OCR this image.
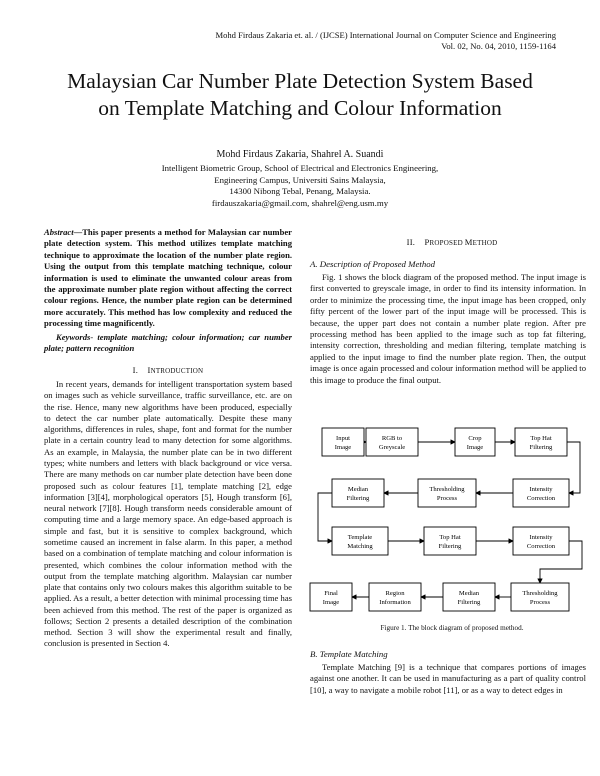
Mohd Firdaus Zakaria et. al. / (IJCSE) International Journal on Computer Science and Engineering
Vol. 02, No. 04, 2010, 1159-1164
Malaysian Car Number Plate Detection System Based
on Template Matching and Colour Information
Mohd Firdaus Zakaria, Shahrel A. Suandi
Intelligent Biometric Group, School of Electrical and Electronics Engineering,
Engineering Campus, Universiti Sains Malaysia,
14300 Nibong Tebal, Penang, Malaysia.
firdauszakaria@gmail.com, shahrel@eng.usm.my
Abstract—This paper presents a method for Malaysian car number plate detection system. This method utilizes template matching technique to approximate the location of the number plate region. Using the output from this template matching technique, colour information is used to eliminate the unwanted colour areas from the approximate number plate region without affecting the correct colour regions. Hence, the number plate region can be determined more accurately. This method has low complexity and reduced the processing time magnificently.
Keywords- template matching; colour information; car number plate; pattern recognition
I. INTRODUCTION
In recent years, demands for intelligent transportation system based on images such as vehicle surveillance, traffic surveillance, etc. are on the rise. Hence, many new algorithms have been produced, especially to detect the car number plate automatically. Despite these many algorithms, differences in rules, shape, font and format for the number plate in a certain country lead to many detection for some algorithms. As an example, in Malaysia, the number plate can be in two different types; white numbers and letters with black background or vice versa. There are many methods on car number plate detection have been done proposed such as colour features [1], template matching [2], edge information [3][4], morphological operators [5], Hough transform [6], neural network [7][8]. Hough transform needs considerable amount of computing time and a large memory space. An edge-based approach is simple and fast, but it is sensitive to complex background, which sometime caused an increment in false alarm. In this paper, a method based on a combination of template matching and colour information is presented, which combines the colour information method with the output from the template matching algorithm. Malaysian car number plate that contains only two colours makes this algorithm suitable to be applied. As a result, a better detection with minimal processing time has been achieved from this method. The rest of the paper is organized as follows; Section 2 presents a detailed description of the combination method. Section 3 will show the experimental result and finally, conclusion is presented in Section 4.
II. PROPOSED METHOD
A. Description of Proposed Method
Fig. 1 shows the block diagram of the proposed method. The input image is first converted to greyscale image, in order to find its intensity information. In order to minimize the processing time, the input image has been cropped, only fifty percent of the lower part of the input image will be processed. This is because, the upper part does not contain a number plate region. After pre processing method has been applied to the image such as top fat filtering, intensity correction, thresholding and median filtering, template matching is applied to the input image to find the number plate region. Then, the output image is once again processed and colour information method will be applied to this image to produce the final output.
Input
Image
RGB to
Greyscale
Crop
Image
Top Hat
Filtering
Median
Filtering
Thresholding
Process
Intensity
Correction
Template
Matching
Top Hat
Filtering
Intensity
Correction
Final
Image
Region
Information
Median
Filtering
Thresholding
Process
Figure 1. The block diagram of proposed method.
B. Template Matching
Template Matching [9] is a technique that compares portions of images against one another. It can be used in manufacturing as a part of quality control [10], a way to navigate a mobile robot [11], or as a way to detect edges in
